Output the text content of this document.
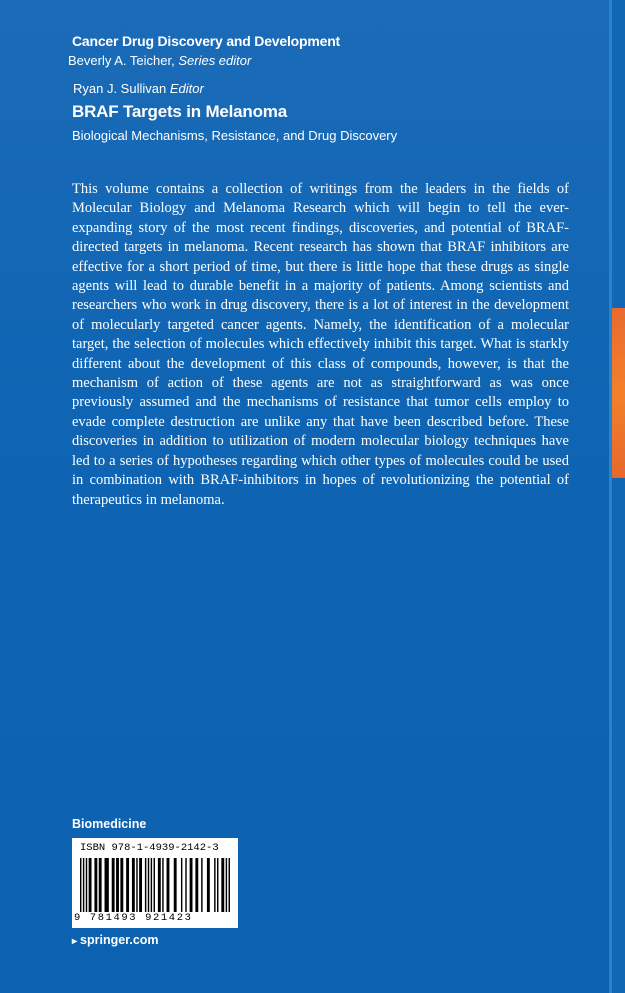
Cancer Drug Discovery and Development
Beverly A. Teicher, Series editor
Ryan J. Sullivan Editor
BRAF Targets in Melanoma
Biological Mechanisms, Resistance, and Drug Discovery

This volume contains a collection of writings from the leaders in the fields of Molecular Biology and Melanoma Research which will begin to tell the ever-expanding story of the most recent findings, discoveries, and potential of BRAF-directed targets in melanoma. Recent research has shown that BRAF inhibitors are effective for a short period of time, but there is little hope that these drugs as single agents will lead to durable benefit in a majority of patients. Among scientists and researchers who work in drug discovery, there is a lot of interest in the development of molecularly targeted cancer agents. Namely, the identification of a molecular target, the selection of molecules which effectively inhibit this target. What is starkly different about the development of this class of compounds, however, is that the mechanism of action of these agents are not as straightforward as was once previously assumed and the mechanisms of resistance that tumor cells employ to evade complete destruction are unlike any that have been described before. These discoveries in addition to utilization of modern molecular biology techniques have led to a series of hypotheses regarding which other types of molecules could be used in combination with BRAF-inhibitors in hopes of revolutionizing the potential of therapeutics in melanoma.

Biomedicine
ISBN 978-1-4939-2142-3
9 781493 921423
▸ springer.com
